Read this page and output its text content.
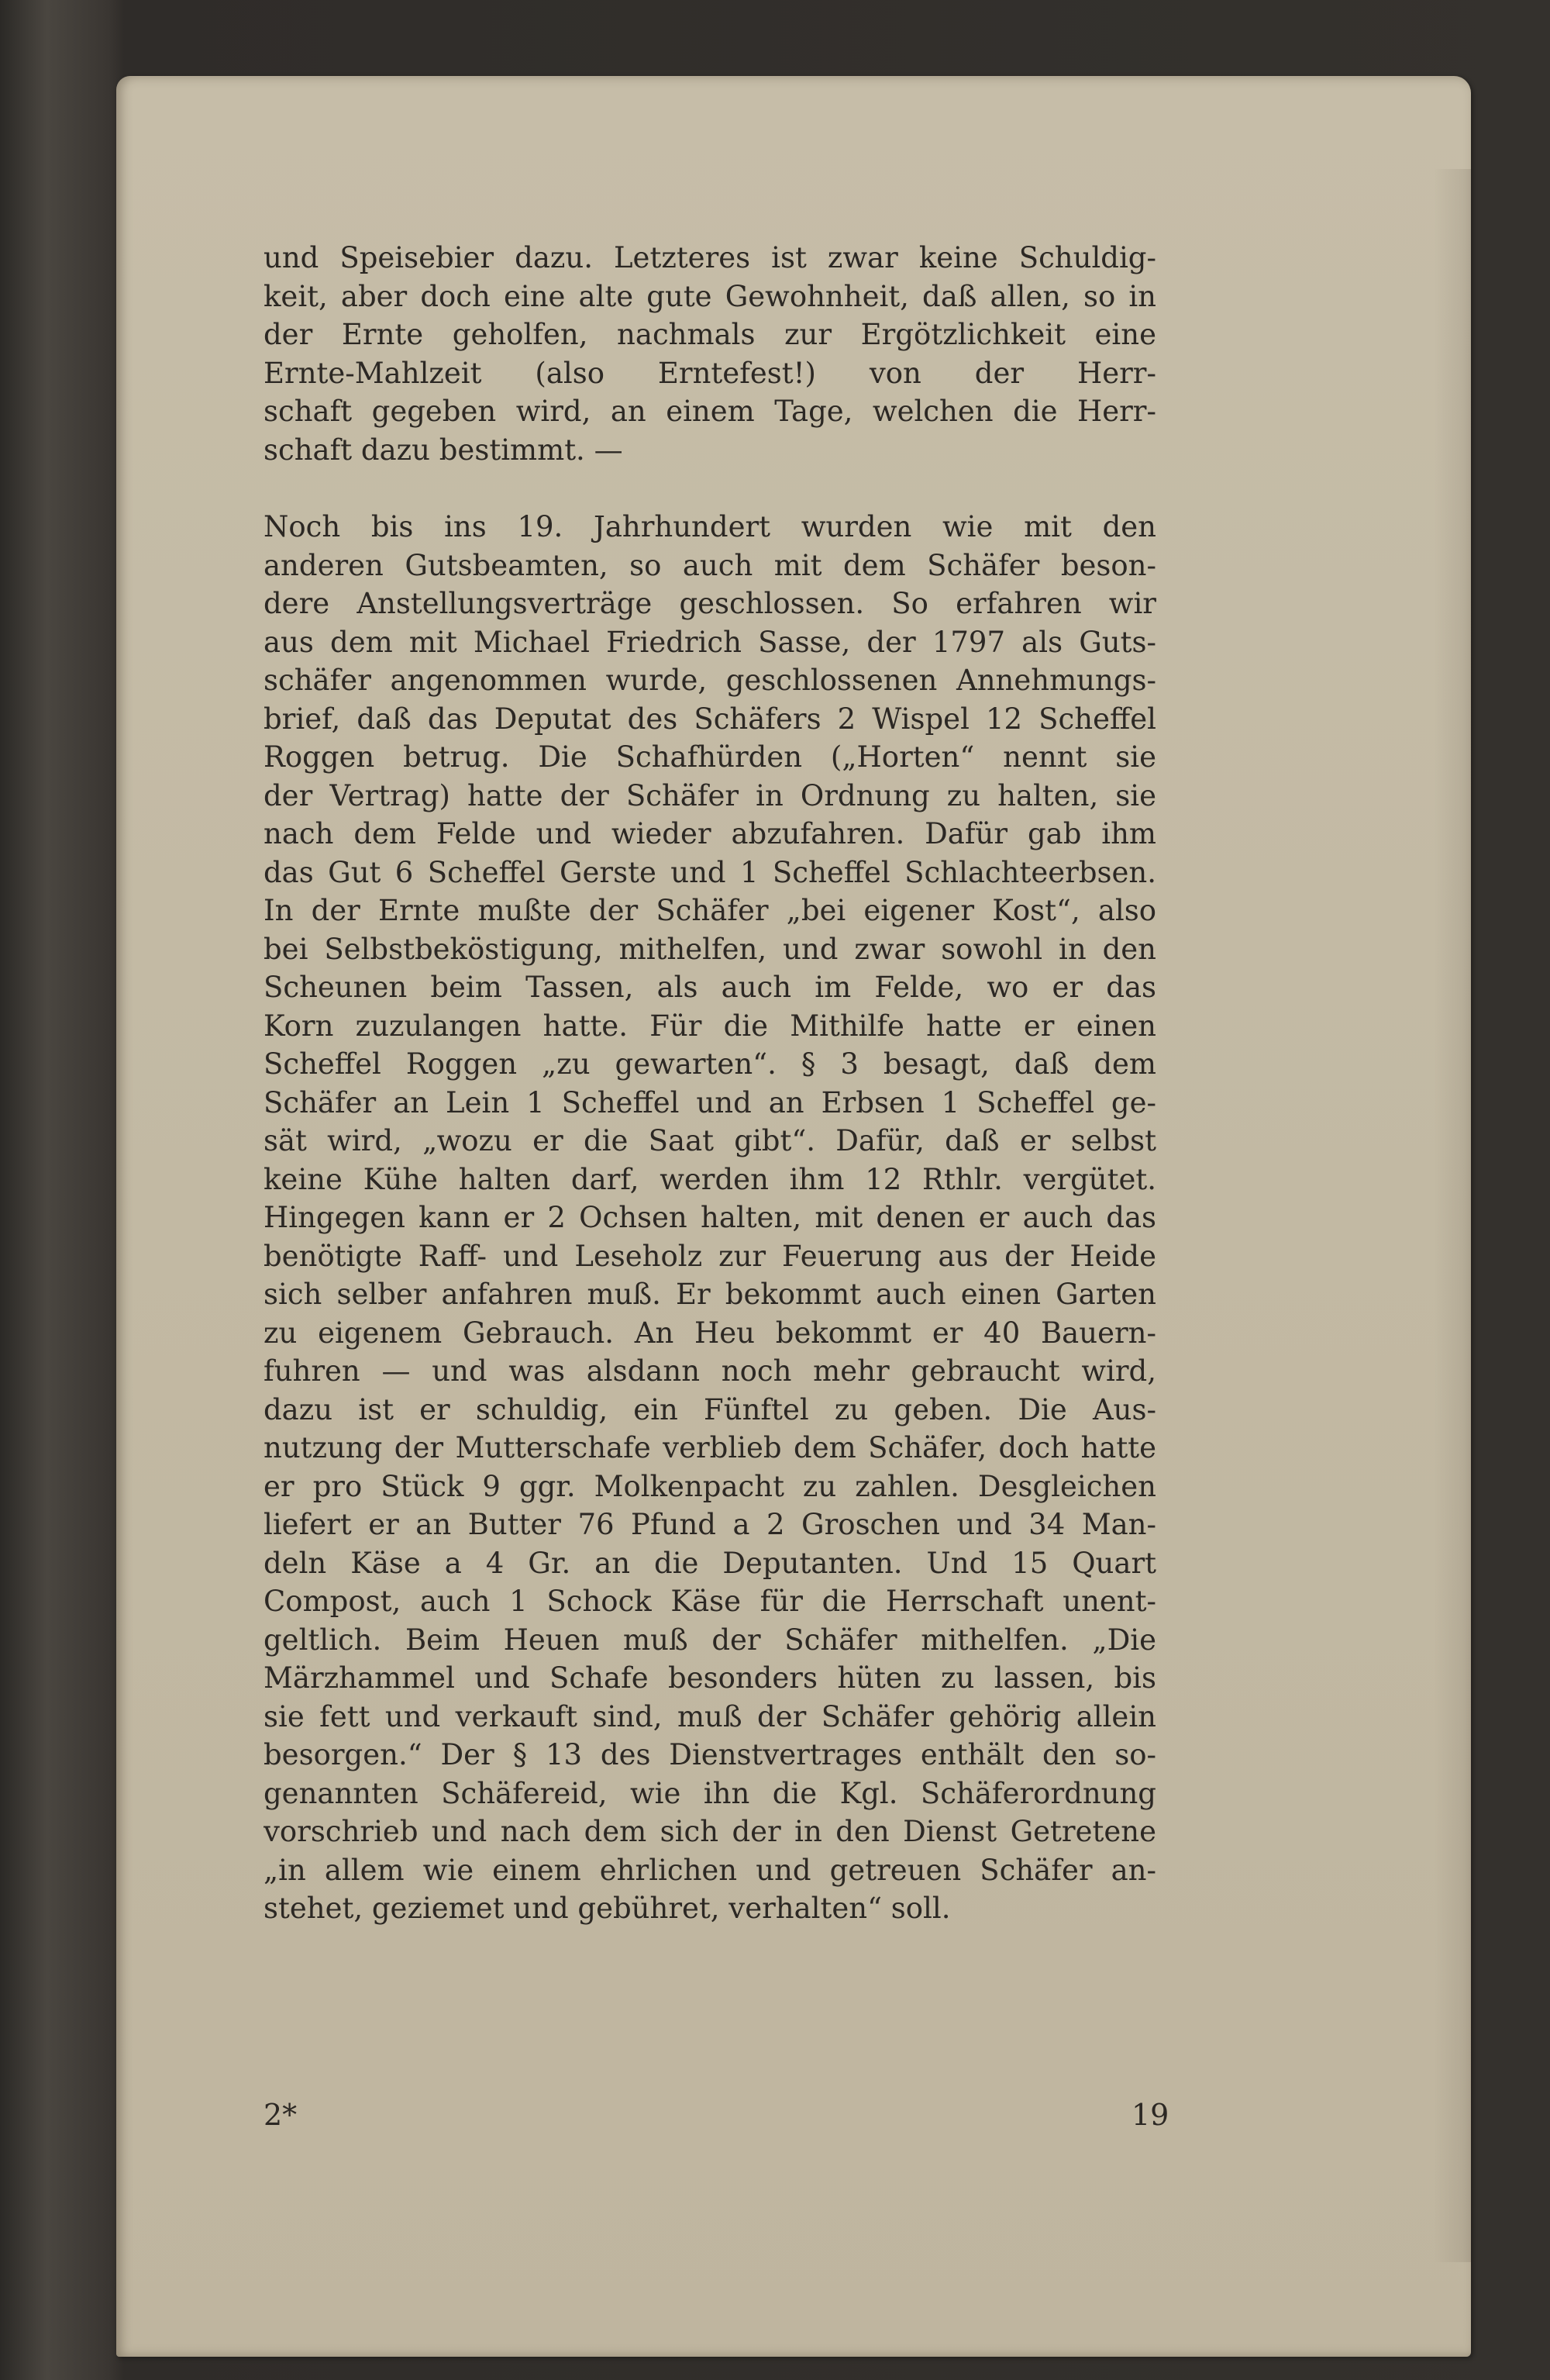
und Speisebier dazu. Letzteres ist zwar keine Schuldig-
keit, aber doch eine alte gute Gewohnheit, daß allen, so in
der Ernte geholfen, nachmals zur Ergötzlichkeit eine
Ernte-Mahlzeit (also Erntefest!) von der Herr-
schaft gegeben wird, an einem Tage, welchen die Herr-
schaft dazu bestimmt. —
Noch bis ins 19. Jahrhundert wurden wie mit den
anderen Gutsbeamten, so auch mit dem Schäfer beson-
dere Anstellungsverträge geschlossen. So erfahren wir
aus dem mit Michael Friedrich Sasse, der 1797 als Guts-
schäfer angenommen wurde, geschlossenen Annehmungs-
brief, daß das Deputat des Schäfers 2 Wispel 12 Scheffel
Roggen betrug. Die Schafhürden („Horten“ nennt sie
der Vertrag) hatte der Schäfer in Ordnung zu halten, sie
nach dem Felde und wieder abzufahren. Dafür gab ihm
das Gut 6 Scheffel Gerste und 1 Scheffel Schlachteerbsen.
In der Ernte mußte der Schäfer „bei eigener Kost“, also
bei Selbstbeköstigung, mithelfen, und zwar sowohl in den
Scheunen beim Tassen, als auch im Felde, wo er das
Korn zuzulangen hatte. Für die Mithilfe hatte er einen
Scheffel Roggen „zu gewarten“. § 3 besagt, daß dem
Schäfer an Lein 1 Scheffel und an Erbsen 1 Scheffel ge-
sät wird, „wozu er die Saat gibt“. Dafür, daß er selbst
keine Kühe halten darf, werden ihm 12 Rthlr. vergütet.
Hingegen kann er 2 Ochsen halten, mit denen er auch das
benötigte Raff- und Leseholz zur Feuerung aus der Heide
sich selber anfahren muß. Er bekommt auch einen Garten
zu eigenem Gebrauch. An Heu bekommt er 40 Bauern-
fuhren — und was alsdann noch mehr gebraucht wird,
dazu ist er schuldig, ein Fünftel zu geben. Die Aus-
nutzung der Mutterschafe verblieb dem Schäfer, doch hatte
er pro Stück 9 ggr. Molkenpacht zu zahlen. Desgleichen
liefert er an Butter 76 Pfund a 2 Groschen und 34 Man-
deln Käse a 4 Gr. an die Deputanten. Und 15 Quart
Compost, auch 1 Schock Käse für die Herrschaft unent-
geltlich. Beim Heuen muß der Schäfer mithelfen. „Die
Märzhammel und Schafe besonders hüten zu lassen, bis
sie fett und verkauft sind, muß der Schäfer gehörig allein
besorgen.“ Der § 13 des Dienstvertrages enthält den so-
genannten Schäfereid, wie ihn die Kgl. Schäferordnung
vorschrieb und nach dem sich der in den Dienst Getretene
„in allem wie einem ehrlichen und getreuen Schäfer an-
stehet, geziemet und gebühret, verhalten“ soll.
2*	19
